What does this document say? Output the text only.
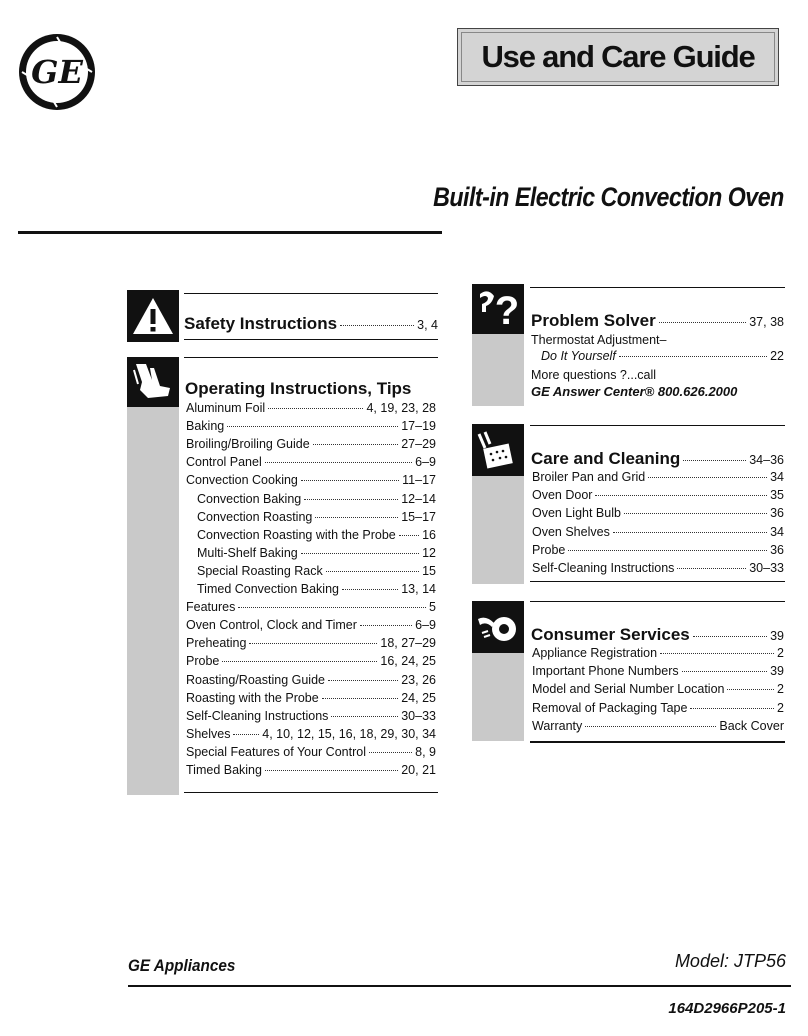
GE	Use and Care Guide
Built-in Electric Convection Oven
Safety Instructions	3, 4
Operating Instructions, Tips
Aluminum Foil	4, 19, 23, 28
Baking	17–19
Broiling/Broiling Guide	27–29
Control Panel	6–9
Convection Cooking	11–17
Convection Baking	12–14
Convection Roasting	15–17
Convection Roasting with the Probe 16
Multi-Shelf Baking	12
Special Roasting Rack	15
Timed Convection Baking	13, 14
Features	5
Oven Control, Clock and Timer	6–9
Preheating	18, 27–29
Probe	16, 24, 25
Roasting/Roasting Guide	23, 26
Roasting with the Probe	24, 25
Self-Cleaning Instructions	30–33
Shelves	4, 10, 12, 15, 16, 18, 29, 30, 34
Special Features of Your Control	8, 9
Timed Baking	20, 21
? Problem Solver	37, 38
Thermostat Adjustment–
Do It Yourself	22
More questions ?...call
GE Answer Center® 800.626.2000
Care and Cleaning	34–36
Broiler Pan and Grid	34
Oven Door	35
Oven Light Bulb	36
Oven Shelves	34
Probe	36
Self-Cleaning Instructions	30–33
Consumer Services	39
Appliance Registration	2
Important Phone Numbers	39
Model and Serial Number Location	2
Removal of Packaging Tape	2
Warranty	Back Cover
GE Appliances	Model: JTP56
164D2966P205-1
